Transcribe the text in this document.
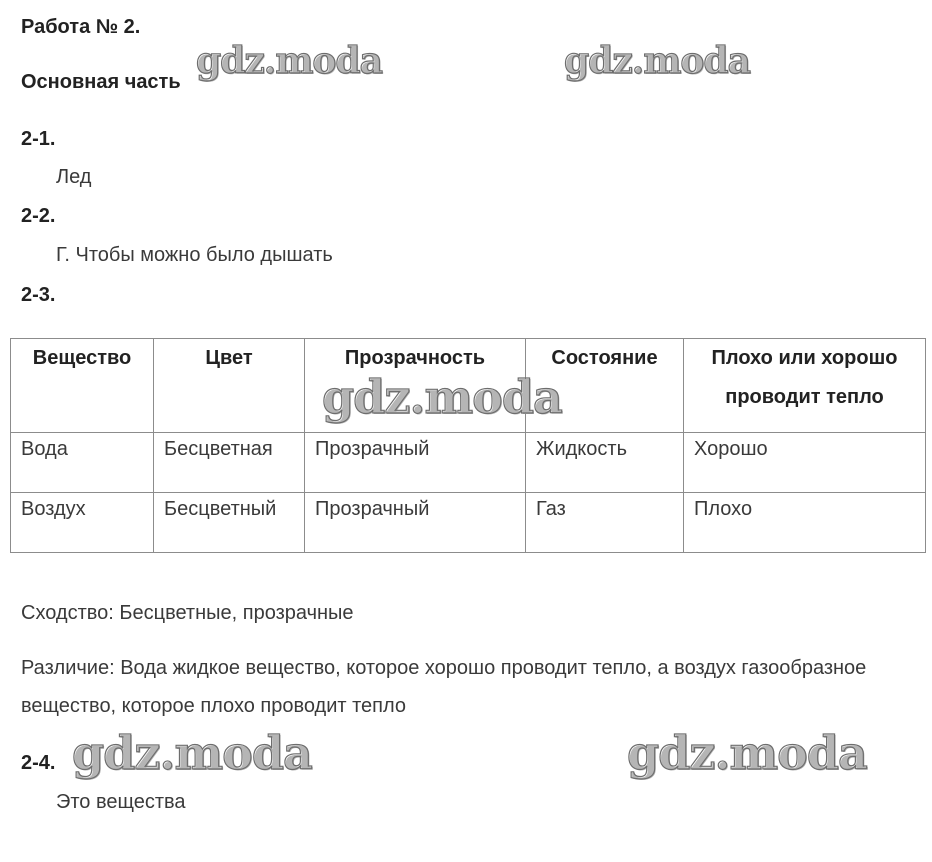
Работа № 2.
Основная часть
2-1.
Лед
2-2.
Г. Чтобы можно было дышать
2-3.
Вещество	Цвет	Прозрачность	Состояние	Плохо или хорошо проводит тепло
Вода	Бесцветная	Прозрачный	Жидкость	Хорошо
Воздух	Бесцветный	Прозрачный	Газ	Плохо
Сходство: Бесцветные, прозрачные
Различие: Вода жидкое вещество, которое хорошо проводит тепло, а воздух газообразное вещество, которое плохо проводит тепло
2-4.
Это вещества
gdz.moda	gdz.moda
gdz.moda
gdz.moda	gdz.moda
